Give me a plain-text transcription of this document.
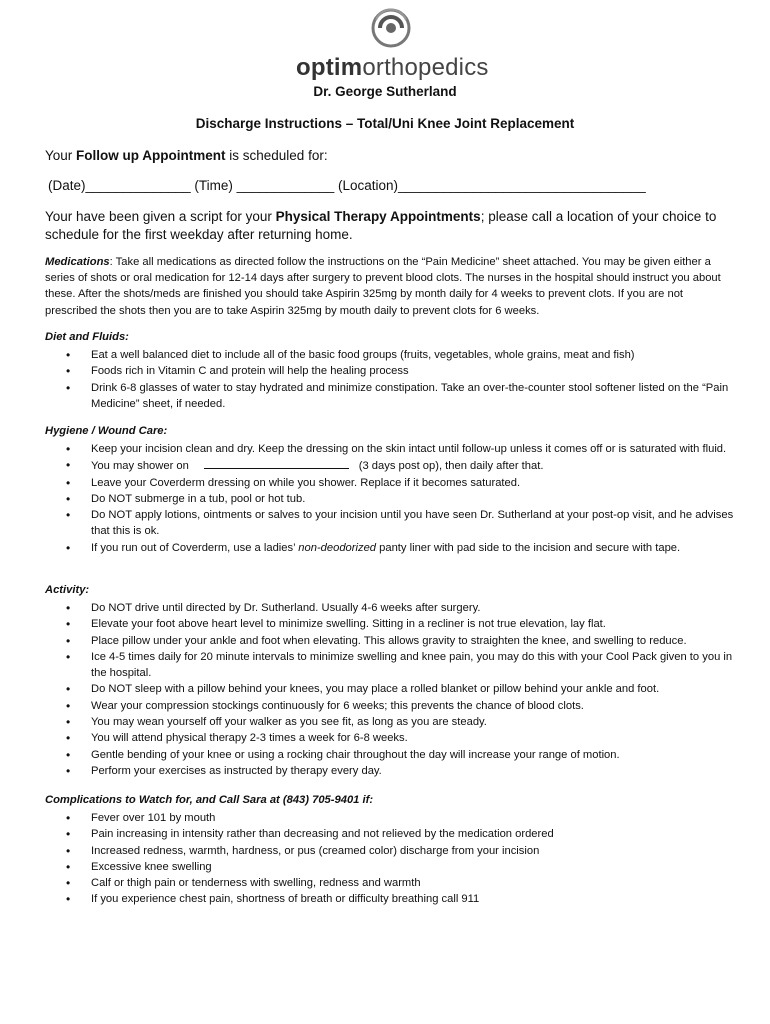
optimorthopedics
Dr. George Sutherland
Discharge Instructions – Total/Uni Knee Joint Replacement
Your Follow up Appointment is scheduled for:
(Date)______________ (Time) _____________ (Location)_________________________________
Your have been given a script for your Physical Therapy Appointments; please call a location of your choice to schedule for the first weekday after returning home.
Medications: Take all medications as directed follow the instructions on the “Pain Medicine” sheet attached. You may be given either a series of shots or oral medication for 12-14 days after surgery to prevent blood clots. The nurses in the hospital should instruct you about these. After the shots/meds are finished you should take Aspirin 325mg by month daily for 4 weeks to prevent clots. If you are not prescribed the shots then you are to take Aspirin 325mg by mouth daily to prevent clots for 6 weeks.
Diet and Fluids:
• Eat a well balanced diet to include all of the basic food groups (fruits, vegetables, whole grains, meat and fish)
• Foods rich in Vitamin C and protein will help the healing process
• Drink 6-8 glasses of water to stay hydrated and minimize constipation. Take an over-the-counter stool softener listed on the “Pain Medicine” sheet, if needed.
Hygiene / Wound Care:
• Keep your incision clean and dry. Keep the dressing on the skin intact until follow-up unless it comes off or is saturated with fluid.
• You may shower on	(3 days post op), then daily after that.
• Leave your Coverderm dressing on while you shower. Replace if it becomes saturated.
• Do NOT submerge in a tub, pool or hot tub.
• Do NOT apply lotions, ointments or salves to your incision until you have seen Dr. Sutherland at your post-op visit, and he advises that this is ok.
• If you run out of Coverderm, use a ladies’ non-deodorized panty liner with pad side to the incision and secure with tape.
Activity:
• Do NOT drive until directed by Dr. Sutherland. Usually 4-6 weeks after surgery.
• Elevate your foot above heart level to minimize swelling. Sitting in a recliner is not true elevation, lay flat.
• Place pillow under your ankle and foot when elevating. This allows gravity to straighten the knee, and swelling to reduce.
• Ice 4-5 times daily for 20 minute intervals to minimize swelling and knee pain, you may do this with your Cool Pack given to you in the hospital.
• Do NOT sleep with a pillow behind your knees, you may place a rolled blanket or pillow behind your ankle and foot.
• Wear your compression stockings continuously for 6 weeks; this prevents the chance of blood clots.
• You may wean yourself off your walker as you see fit, as long as you are steady.
• You will attend physical therapy 2-3 times a week for 6-8 weeks.
• Gentle bending of your knee or using a rocking chair throughout the day will increase your range of motion.
• Perform your exercises as instructed by therapy every day.
Complications to Watch for, and Call Sara at (843) 705-9401 if:
• Fever over 101 by mouth
• Pain increasing in intensity rather than decreasing and not relieved by the medication ordered
• Increased redness, warmth, hardness, or pus (creamed color) discharge from your incision
• Excessive knee swelling
• Calf or thigh pain or tenderness with swelling, redness and warmth
• If you experience chest pain, shortness of breath or difficulty breathing call 911
